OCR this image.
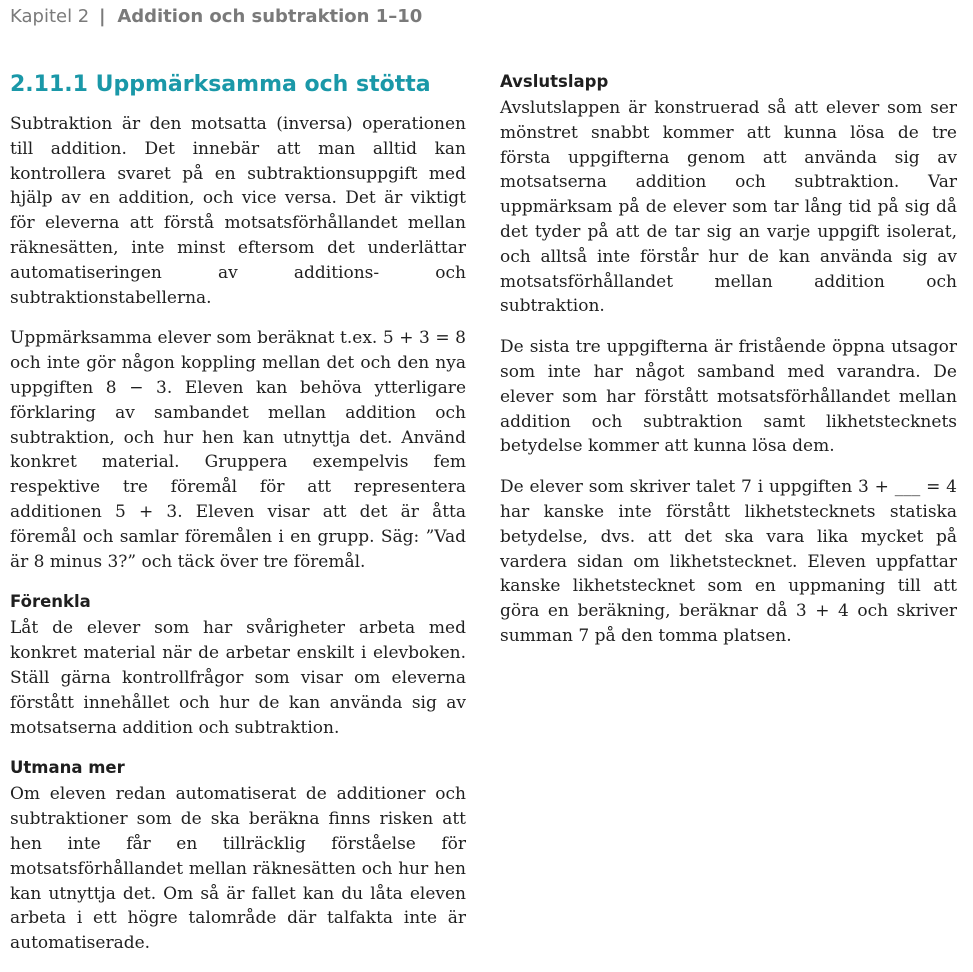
Kapitel 2 | Addition och subtraktion 1–10
2.11.1 Uppmärksamma och stötta

Subtraktion är den motsatta (inversa) operationen till addition. Det innebär att man alltid kan kontrollera svaret på en subtraktionsuppgift med hjälp av en addition, och vice versa. Det är viktigt för eleverna att förstå motsatsförhållandet mellan räknesätten, inte minst eftersom det underlättar automatiseringen av additions- och subtraktionstabellerna.

Uppmärksamma elever som beräknat t.ex. 5 + 3 = 8 och inte gör någon koppling mellan det och den nya uppgiften 8 − 3. Eleven kan behöva ytterligare förklaring av sambandet mellan addition och subtraktion, och hur hen kan utnyttja det. Använd konkret material. Gruppera exempelvis fem respektive tre föremål för att representera additionen 5 + 3. Eleven visar att det är åtta föremål och samlar föremålen i en grupp. Säg: ”Vad är 8 minus 3?” och täck över tre föremål.

Förenkla

Låt de elever som har svårigheter arbeta med konkret material när de arbetar enskilt i elevboken. Ställ gärna kontrollfrågor som visar om eleverna förstått innehållet och hur de kan använda sig av motsatserna addition och subtraktion.

Utmana mer

Om eleven redan automatiserat de additioner och subtraktioner som de ska beräkna finns risken att hen inte får en tillräcklig förståelse för motsatsförhållandet mellan räknesätten och hur hen kan utnyttja det. Om så är fallet kan du låta eleven arbeta i ett högre talområde där talfakta inte är automatiserade.

Avslutslapp

Avslutslappen är konstruerad så att elever som ser mönstret snabbt kommer att kunna lösa de tre första uppgifterna genom att använda sig av motsatserna addition och subtraktion. Var uppmärksam på de elever som tar lång tid på sig då det tyder på att de tar sig an varje uppgift isolerat, och alltså inte förstår hur de kan använda sig av motsatsförhållandet mellan addition och subtraktion.

De sista tre uppgifterna är fristående öppna utsagor som inte har något samband med varandra. De elever som har förstått motsatsförhållandet mellan addition och subtraktion samt likhetstecknets betydelse kommer att kunna lösa dem.

De elever som skriver talet 7 i uppgiften 3 + ___ = 4 har kanske inte förstått likhetstecknets statiska betydelse, dvs. att det ska vara lika mycket på vardera sidan om likhetstecknet. Eleven uppfattar kanske likhetstecknet som en uppmaning till att göra en beräkning, beräknar då 3 + 4 och skriver summan 7 på den tomma platsen.
